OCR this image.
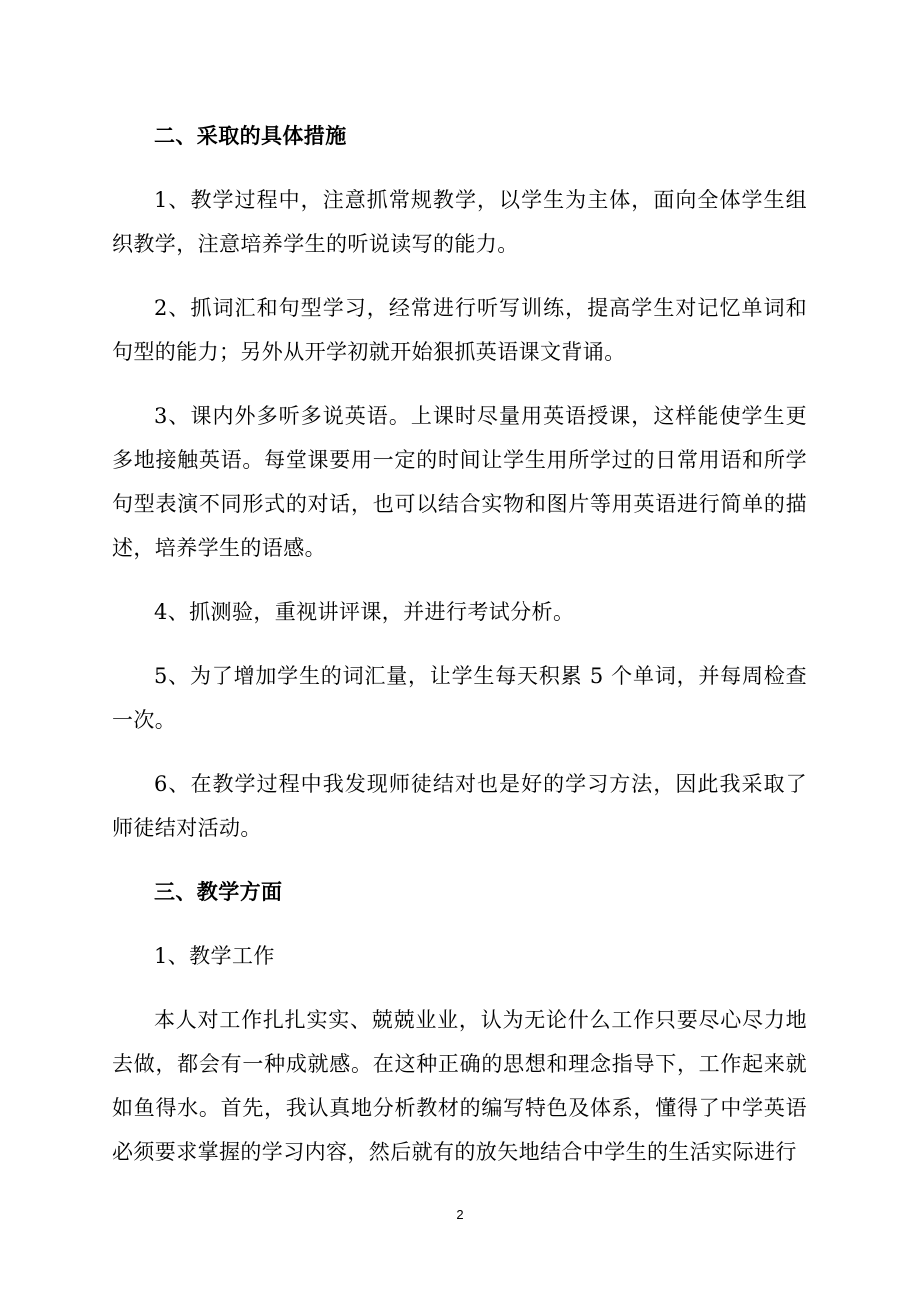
二、采取的具体措施

1、教学过程中，注意抓常规教学，以学生为主体，面向全体学生组织教学，注意培养学生的听说读写的能力。

2、抓词汇和句型学习，经常进行听写训练，提高学生对记忆单词和句型的能力；另外从开学初就开始狠抓英语课文背诵。

3、课内外多听多说英语。上课时尽量用英语授课，这样能使学生更多地接触英语。每堂课要用一定的时间让学生用所学过的日常用语和所学句型表演不同形式的对话，也可以结合实物和图片等用英语进行简单的描述，培养学生的语感。

4、抓测验，重视讲评课，并进行考试分析。

5、为了增加学生的词汇量，让学生每天积累 5 个单词，并每周检查一次。

6、在教学过程中我发现师徒结对也是好的学习方法，因此我采取了师徒结对活动。

三、教学方面

1、教学工作

本人对工作扎扎实实、兢兢业业，认为无论什么工作只要尽心尽力地去做，都会有一种成就感。在这种正确的思想和理念指导下，工作起来就如鱼得水。首先，我认真地分析教材的编写特色及体系，懂得了中学英语必须要求掌握的学习内容，然后就有的放矢地结合中学生的生活实际进行

2
